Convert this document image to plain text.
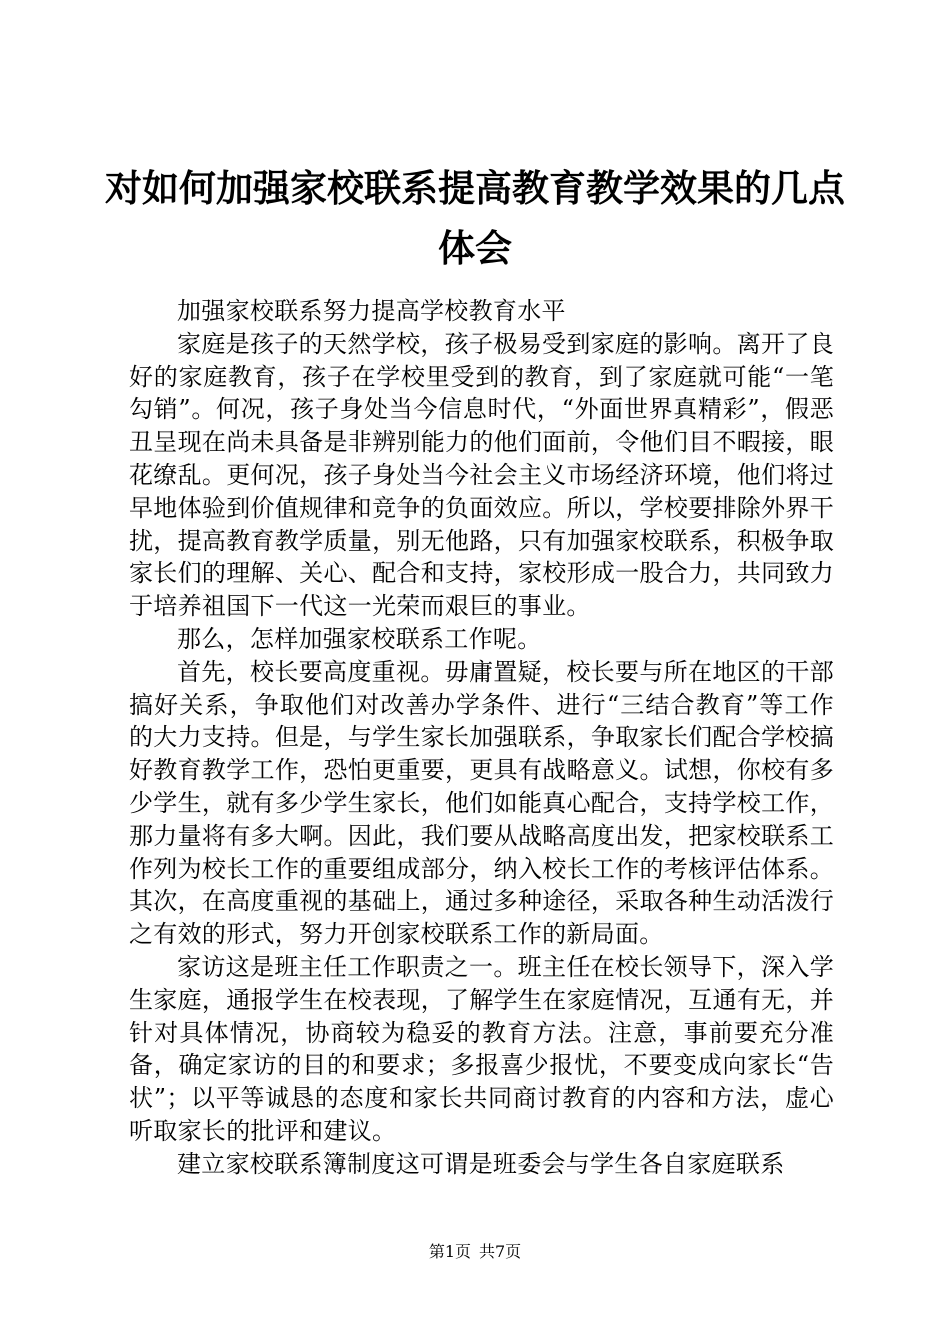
对如何加强家校联系提高教育教学效果的几点体会

加强家校联系努力提高学校教育水平

家庭是孩子的天然学校，孩子极易受到家庭的影响。离开了良好的家庭教育，孩子在学校里受到的教育，到了家庭就可能“一笔勾销”。何况，孩子身处当今信息时代，“外面世界真精彩”，假恶丑呈现在尚未具备是非辨别能力的他们面前，令他们目不暇接，眼花缭乱。更何况，孩子身处当今社会主义市场经济环境，他们将过早地体验到价值规律和竞争的负面效应。所以，学校要排除外界干扰，提高教育教学质量，别无他路，只有加强家校联系，积极争取家长们的理解、关心、配合和支持，家校形成一股合力，共同致力于培养祖国下一代这一光荣而艰巨的事业。

那么，怎样加强家校联系工作呢。

首先，校长要高度重视。毋庸置疑，校长要与所在地区的干部搞好关系，争取他们对改善办学条件、进行“三结合教育”等工作的大力支持。但是，与学生家长加强联系，争取家长们配合学校搞好教育教学工作，恐怕更重要，更具有战略意义。试想，你校有多少学生，就有多少学生家长，他们如能真心配合，支持学校工作，那力量将有多大啊。因此，我们要从战略高度出发，把家校联系工作列为校长工作的重要组成部分，纳入校长工作的考核评估体系。其次，在高度重视的基础上，通过多种途径，采取各种生动活泼行之有效的形式，努力开创家校联系工作的新局面。

家访这是班主任工作职责之一。班主任在校长领导下，深入学生家庭，通报学生在校表现，了解学生在家庭情况，互通有无，并针对具体情况，协商较为稳妥的教育方法。注意，事前要充分准备，确定家访的目的和要求；多报喜少报忧，不要变成向家长“告状”；以平等诚恳的态度和家长共同商讨教育的内容和方法，虚心听取家长的批评和建议。

建立家校联系簿制度这可谓是班委会与学生各自家庭联系

第1页 共7页
